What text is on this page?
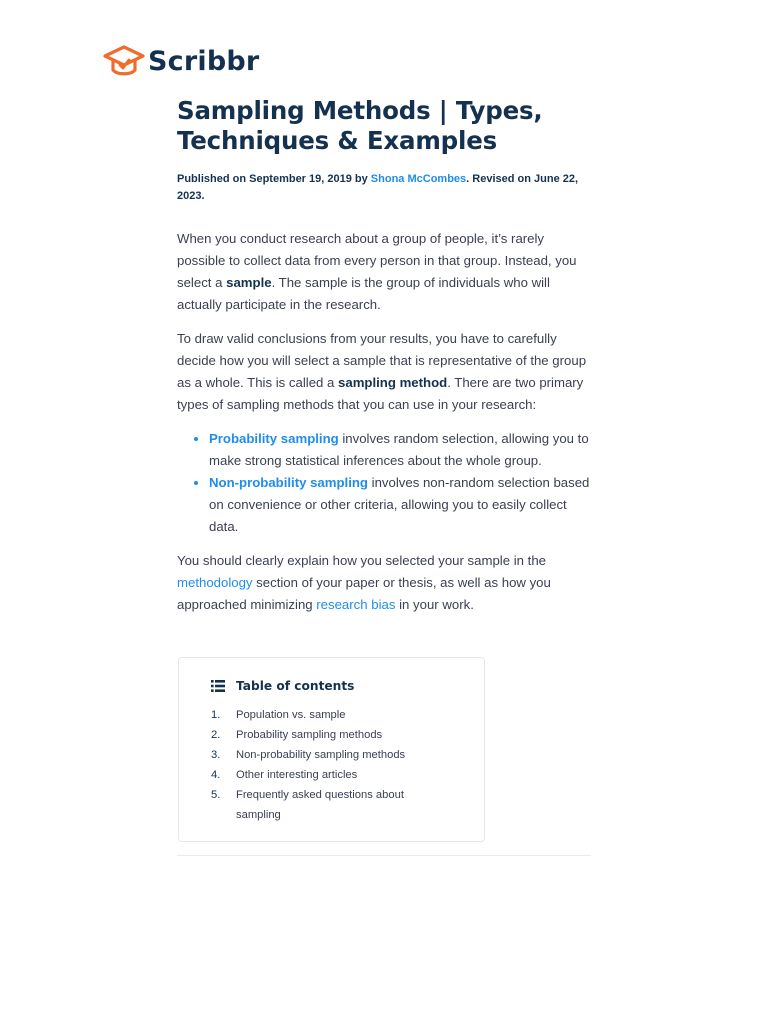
Scribbr
Sampling Methods | Types, Techniques & Examples
Published on September 19, 2019 by Shona McCombes. Revised on June 22, 2023.

When you conduct research about a group of people, it’s rarely possible to collect data from every person in that group. Instead, you select a sample. The sample is the group of individuals who will actually participate in the research.

To draw valid conclusions from your results, you have to carefully decide how you will select a sample that is representative of the group as a whole. This is called a sampling method. There are two primary types of sampling methods that you can use in your research:

Probability sampling involves random selection, allowing you to make strong statistical inferences about the whole group.
Non-probability sampling involves non-random selection based on convenience or other criteria, allowing you to easily collect data.

You should clearly explain how you selected your sample in the methodology section of your paper or thesis, as well as how you approached minimizing research bias in your work.

Table of contents
1.	Population vs. sample
2.	Probability sampling methods
3.	Non-probability sampling methods
4.	Other interesting articles
5.	Frequently asked questions about sampling
